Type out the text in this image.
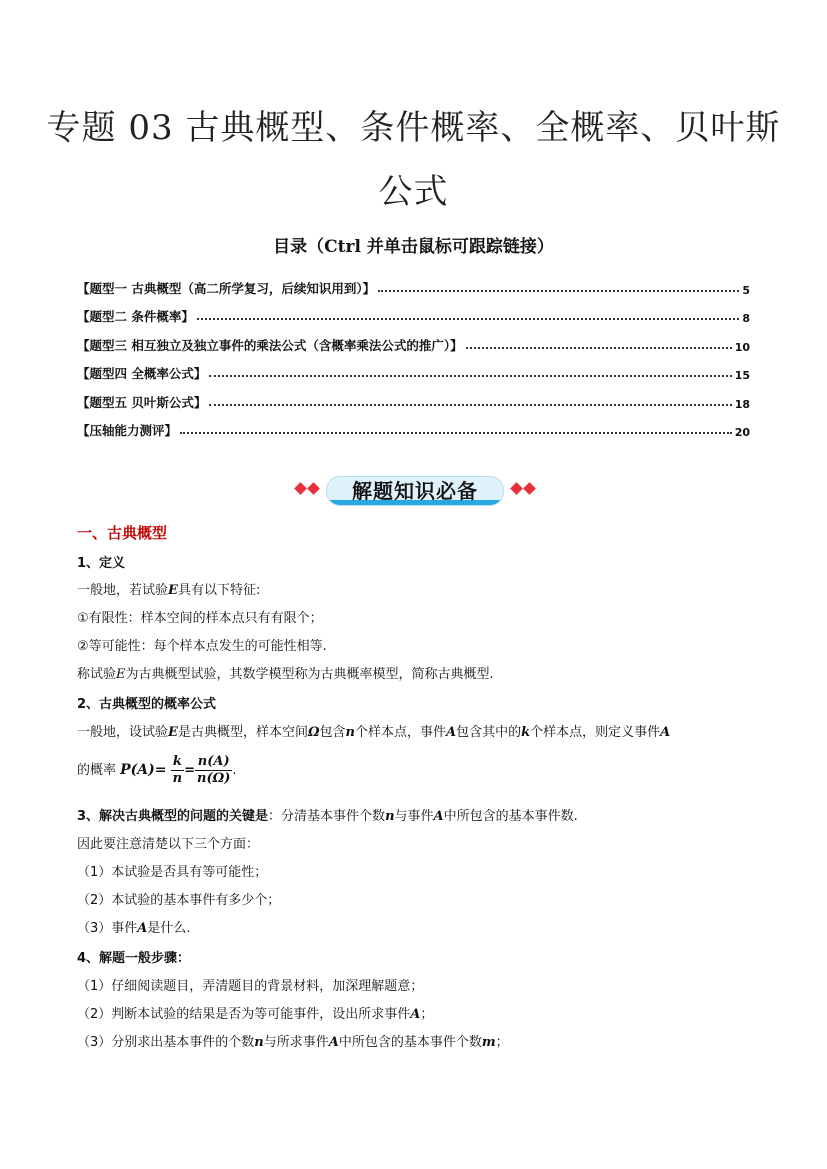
专题 03 古典概型、条件概率、全概率、贝叶斯
公式
目录（Ctrl 并单击鼠标可跟踪链接）
【题型一 古典概型（高二所学复习，后续知识用到）】	5
【题型二 条件概率】	8
【题型三 相互独立及独立事件的乘法公式（含概率乘法公式的推广）】	10
【题型四 全概率公式】	15
【题型五 贝叶斯公式】	18
【压轴能力测评】	20
解题知识必备
一、古典概型
1、定义
一般地，若试验E具有以下特征:
①有限性：样本空间的样本点只有有限个；
②等可能性：每个样本点发生的可能性相等.
称试验E为古典概型试验，其数学模型称为古典概率模型，简称古典概型.
2、古典概型的概率公式
一般地，设试验E是古典概型，样本空间Ω包含n个样本点，事件A包含其中的k个样本点，则定义事件A
的概率 $P(A)= \frac{k}{n} = \frac{n(A)}{n(\Omega)}$ .
3、解决古典概型的问题的关键是：分清基本事件个数n与事件A中所包含的基本事件数.
因此要注意清楚以下三个方面：
（1）本试验是否具有等可能性；
（2）本试验的基本事件有多少个；
（3）事件A是什么.
4、解题一般步骤：
（1）仔细阅读题目，弄清题目的背景材料，加深理解题意；
（2）判断本试验的结果是否为等可能事件，设出所求事件A；
（3）分别求出基本事件的个数n与所求事件A中所包含的基本事件个数m；
